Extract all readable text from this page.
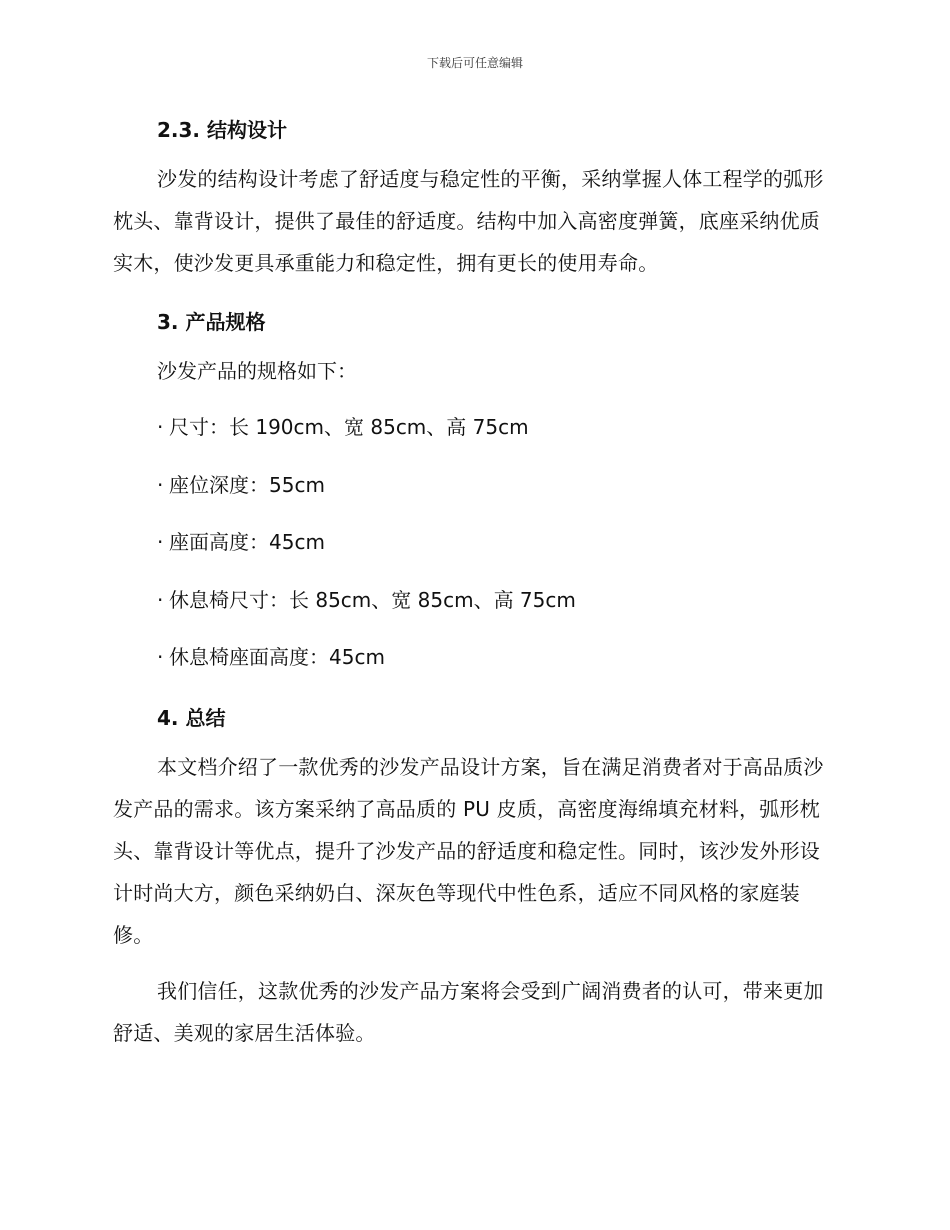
下载后可任意编辑
2.3. 结构设计

沙发的结构设计考虑了舒适度与稳定性的平衡，采纳掌握人体工程学的弧形枕头、靠背设计，提供了最佳的舒适度。结构中加入高密度弹簧，底座采纳优质实木，使沙发更具承重能力和稳定性，拥有更长的使用寿命。

3. 产品规格

沙发产品的规格如下：

· 尺寸：长 190cm、宽 85cm、高 75cm
· 座位深度：55cm
· 座面高度：45cm
· 休息椅尺寸：长 85cm、宽 85cm、高 75cm
· 休息椅座面高度：45cm
4. 总结

本文档介绍了一款优秀的沙发产品设计方案，旨在满足消费者对于高品质沙发产品的需求。该方案采纳了高品质的 PU 皮质，高密度海绵填充材料，弧形枕头、靠背设计等优点，提升了沙发产品的舒适度和稳定性。同时，该沙发外形设计时尚大方，颜色采纳奶白、深灰色等现代中性色系，适应不同风格的家庭装修。

我们信任，这款优秀的沙发产品方案将会受到广阔消费者的认可，带来更加舒适、美观的家居生活体验。
